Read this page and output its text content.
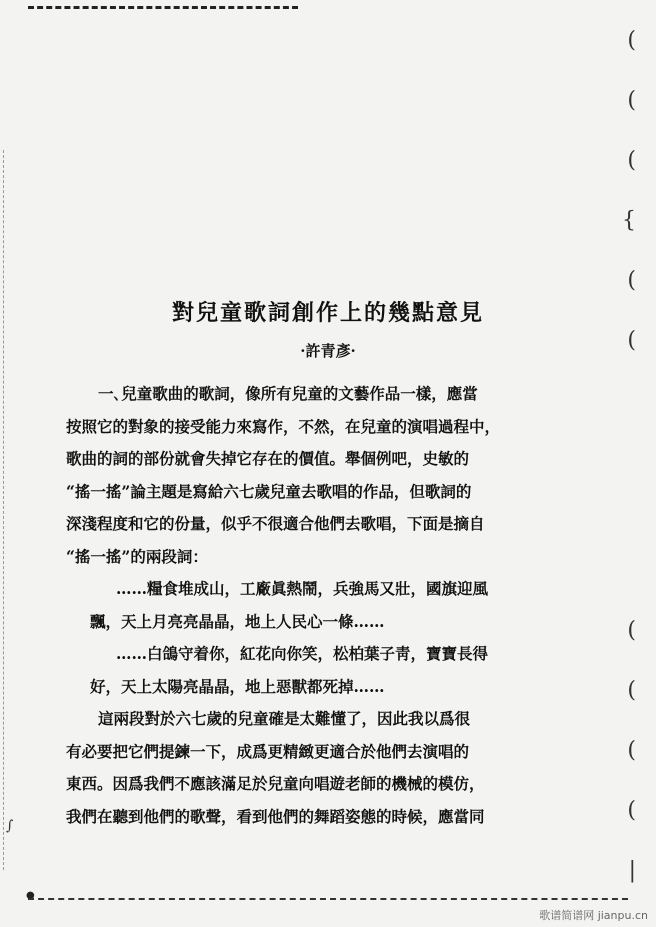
∫
(
(
(
{
(
(
(
(
(
(
|
對兒童歌詞創作上的幾點意見

·許青彥·

一､兒童歌曲的歌詞，像所有兒童的文藝作品一樣，應當
按照它的對象的接受能力來寫作，不然，在兒童的演唱過程中，
歌曲的詞的部份就會失掉它存在的價值。舉個例吧，史敏的
“搖一搖”論主題是寫給六七歲兒童去歌唱的作品，但歌詞的
深淺程度和它的份量，似乎不很適合他們去歌唱，下面是摘自
“搖一搖”的兩段詞：
……糧食堆成山，工廠眞熱鬧，兵強馬又壯，國旗迎風
飄，天上月亮亮晶晶，地上人民心一條……
……白鴿守着你，紅花向你笑，松柏葉子靑，寶寶長得
好，天上太陽亮晶晶，地上惡獸都死掉……
這兩段對於六七歲的兒童確是太難懂了，因此我以爲很
有必要把它們提鍊一下，成爲更精緻更適合於他們去演唱的
東西。因爲我們不應該滿足於兒童向唱遊老師的機械的模仿，
我們在聽到他們的歌聲，看到他們的舞蹈姿態的時候，應當同
●
歌谱简谱网 jianpu.cn
